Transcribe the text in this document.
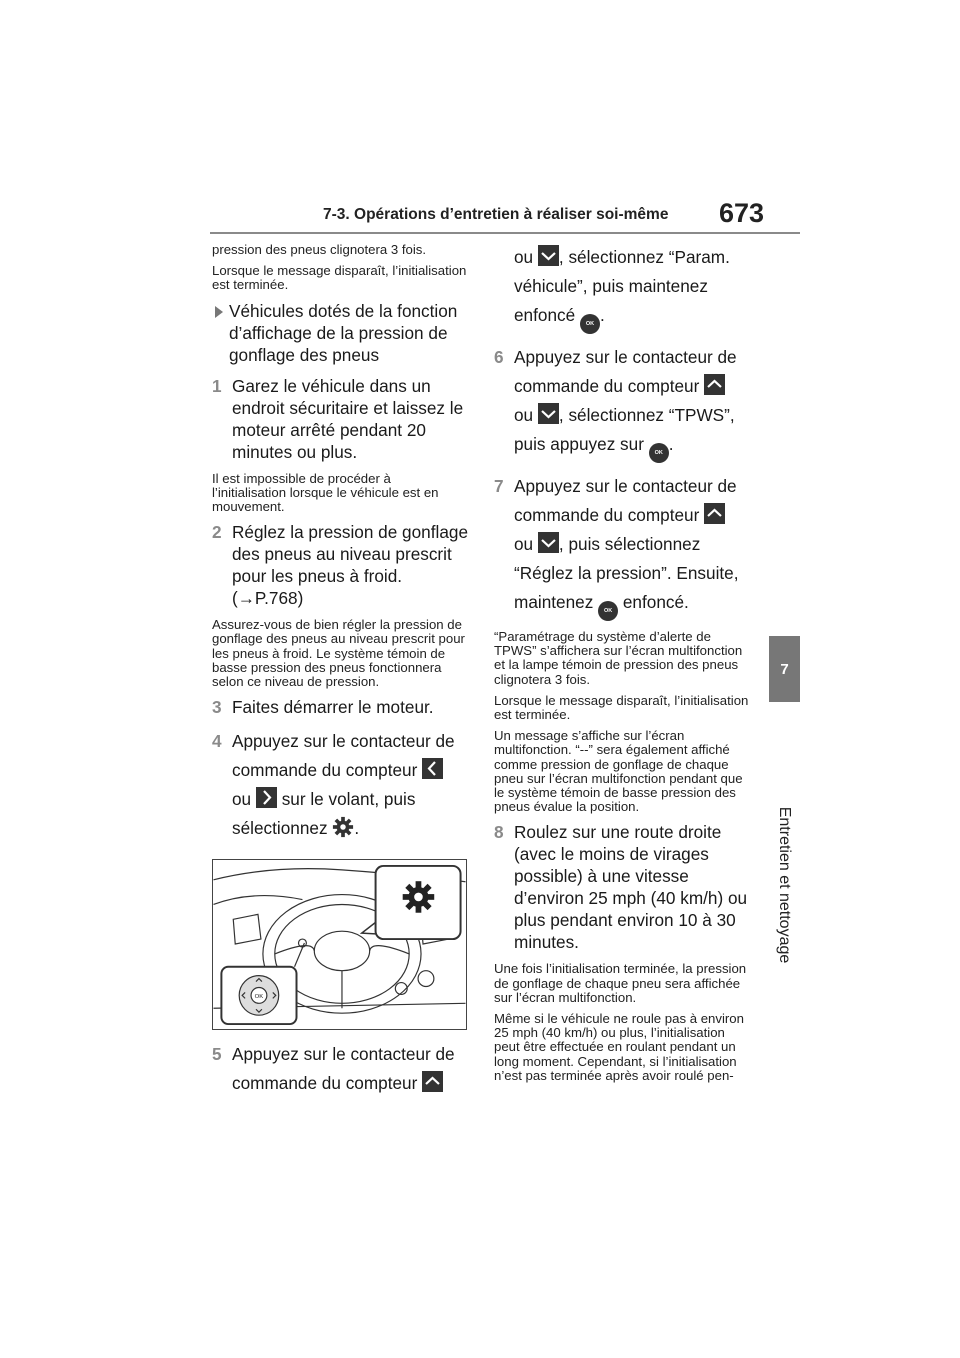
7-3. Opérations d’entretien à réaliser soi-même 673
7
Entretien et nettoyage

pression des pneus clignotera 3 fois.

Lorsque le message disparaît, l’initialisation est terminée.

Véhicules dotés de la fonction d’affichage de la pression de gonflage des pneus
1 Garez le véhicule dans un endroit sécuritaire et laissez le moteur arrêté pendant 20 minutes ou plus.

Il est impossible de procéder à l’initialisation lorsque le véhicule est en mouvement.

2 Réglez la pression de gonflage des pneus au niveau prescrit pour les pneus à froid. (→P.768)

Assurez-vous de bien régler la pression de gonflage des pneus au niveau prescrit pour les pneus à froid. Le système témoin de basse pression des pneus fonctionnera selon ce niveau de pression.

3 Faites démarrer le moteur.
4 Appuyez sur le contacteur de commande du compteur

ou sur le volant, puis sélectionnez .
OK
5 Appuyez sur le contacteur de commande du compteur
ou , sélectionnez “Param. véhicule”, puis maintenez enfoncé OK .
6 Appuyez sur le contacteur de commande du compteur

ou , sélectionnez “TPWS”, puis appuyez sur OK .
7 Appuyez sur le contacteur de commande du compteur

ou , puis sélectionnez “Réglez la pression”. Ensuite, maintenez OK enfoncé.

“Paramétrage du système d’alerte de TPWS” s’affichera sur l’écran multifonction et la lampe témoin de pression des pneus clignotera 3 fois.

Lorsque le message disparaît, l’initialisation est terminée.

Un message s’affiche sur l’écran multifonction. “--” sera également affiché comme pression de gonflage de chaque pneu sur l’écran multifonction pendant que le système témoin de basse pression des pneus évalue la position.

8 Roulez sur une route droite (avec le moins de virages possible) à une vitesse d’environ 25 mph (40 km/h) ou plus pendant environ 10 à 30 minutes.

Une fois l’initialisation terminée, la pression de gonflage de chaque pneu sera affichée sur l’écran multifonction.

Même si le véhicule ne roule pas à environ 25 mph (40 km/h) ou plus, l’initialisation peut être effectuée en roulant pendant un long moment. Cependant, si l’initialisation n’est pas terminée après avoir roulé pen-
